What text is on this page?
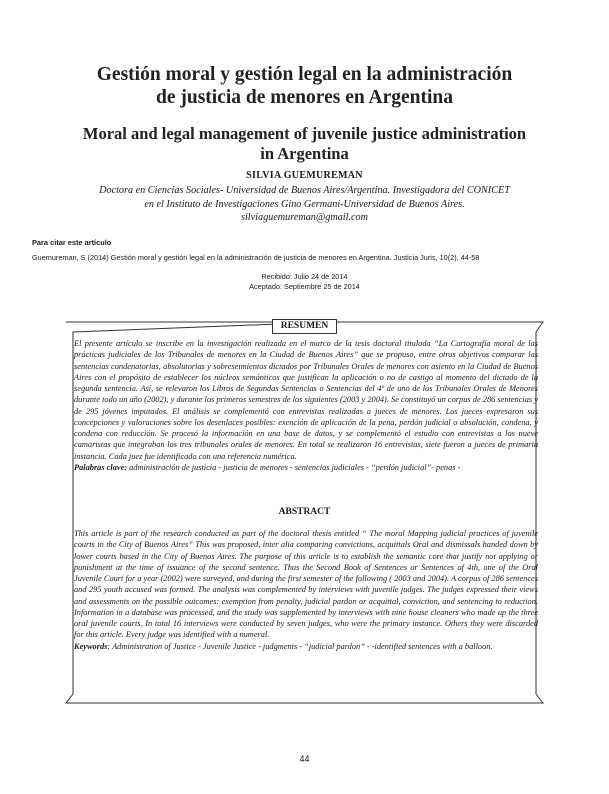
Gestión moral y gestión legal en la administración
de justicia de menores en Argentina
Moral and legal management of juvenile justice administration
in Argentina
SILVIA GUEMUREMAN
Doctora en Ciencias Sociales- Universidad de Buenos Aires/Argentina. Investigadora del CONICET
en el Instituto de Investigaciones Gino Germani-Universidad de Buenos Aires.
silviaguemureman@gmail.com
Para citar este artículo
Guemureman, S (2014) Gestión moral y gestión legal en la administración de justicia de menores en Argentina. Justicia Juris, 10(2), 44-58
Recibido: Julio 24 de 2014
Aceptado: Septiembre 25 de 2014
RESUMEN

El presente artículo se inscribe en la investigación realizada en el marco de la tesis doctoral titulada “La Cartografía moral de las prácticas judiciales de los Tribunales de menores en la Ciudad de Buenos Aires” que se propuso, entre otros objetivos comparar las sentencias condenatorias, absolutorias y sobreseimientos dictados por Tribunales Orales de menores con asiento en la Ciudad de Buenos Aires con el propósito de establecer los núcleos semánticos que justifican la aplicación o no de castigo al momento del dictado de la segunda sentencia. Así, se relevaron los Libros de Segundas Sentencias o Sentencias del 4º de uno de los Tribunales Orales de Menores durante todo un año (2002), y durante los primeros semestres de los siguientes (2003 y 2004). Se constituyó un corpus de 286 sentencias y de 295 jóvenes imputados. El análisis se complementó con entrevistas realizadas a jueces de menores. Los jueces expresaron sus concepciones y valoraciones sobre los desenlaces posibles: exención de aplicación de la pena, perdón judicial o absolución, condena, y condena con reducción. Se procesó la información en una base de datos, y se complementó el estudio con entrevistas a los nueve camaristas que integraban los tres tribunales orales de menores. En total se realizaron 16 entrevistas, siete fueron a jueces de primaria instancia. Cada juez fue identificado con una referencia numérica.
Palabras clave: administración de justicia - justicia de menores - sentencias judiciales - “perdón judicial”- penas -

ABSTRACT

This article is part of the research conducted as part of the doctoral thesis entitled “ The moral Mapping judicial practices of juvenile courts in the City of Buenos Aires” This was proposed, inter alia comparing convictions, acquittals Oral and dismissals handed down by lower courts based in the City of Buenos Aires. The purpose of this article is to establish the semantic core that justify not applying or punishment at the time of issuance of the second sentence. Thus the Second Book of Sentences or Sentences of 4th, one of the Oral Juvenile Court for a year (2002) were surveyed, and during the first semester of the following ( 2003 and 2004). A corpus of 286 sentences and 295 youth accused was formed. The analysis was complemented by interviews with juvenile judges. The judges expressed their views and assessments on the possible outcomes: exemption from penalty, judicial pardon or acquittal, conviction, and sentencing to reduction. Information in a database was processed, and the study was supplemented by interviews with nine house cleaners who made up the three oral juvenile courts. In total 16 interviews were conducted by seven judges, who were the primary instance. Others they were discarded for this article. Every judge was identified with a numeral.
Keywords: Administration of Justice - Juvenile Justice - judgments - “judicial pardon” - -identified sentences with a balloon.

44
